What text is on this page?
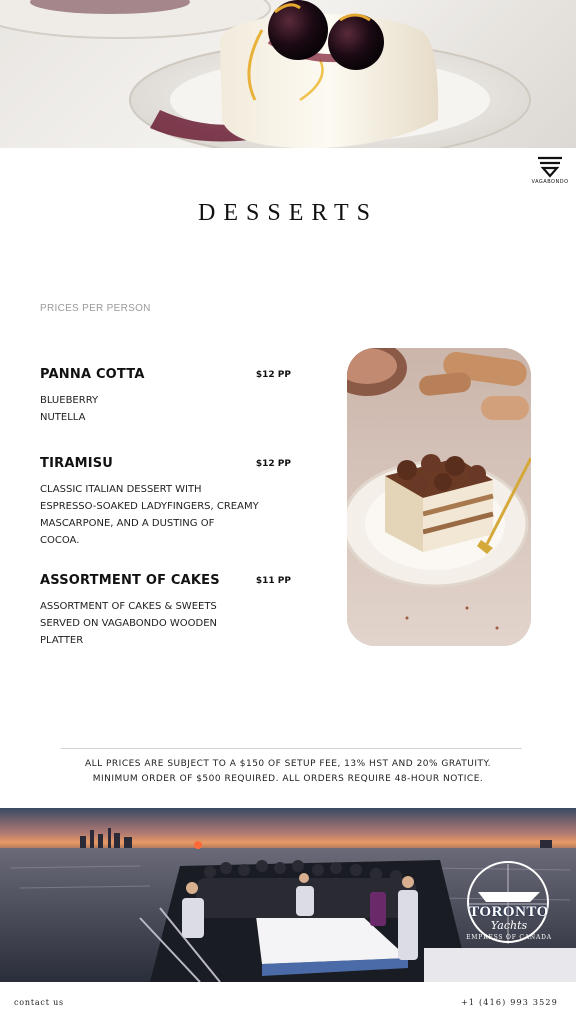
VAGABONDO
DESSERTS
PRICES PER PERSON
PANNA COTTA	$12 PP
BLUEBERRY
NUTELLA
TIRAMISU	$12 PP
CLASSIC ITALIAN DESSERT WITH
ESPRESSO-SOAKED LADYFINGERS, CREAMY
MASCARPONE, AND A DUSTING OF
COCOA.
ASSORTMENT OF CAKES	$11 PP
ASSORTMENT OF CAKES & SWEETS
SERVED ON VAGABONDO WOODEN
PLATTER
ALL PRICES ARE SUBJECT TO A $150 OF SETUP FEE, 13% HST AND 20% GRATUITY.
MINIMUM ORDER OF $500 REQUIRED. ALL ORDERS REQUIRE 48-HOUR NOTICE.
TORONTO
Yachts
EMPRESS OF CANADA
contact us	+1 (416) 993 3529
